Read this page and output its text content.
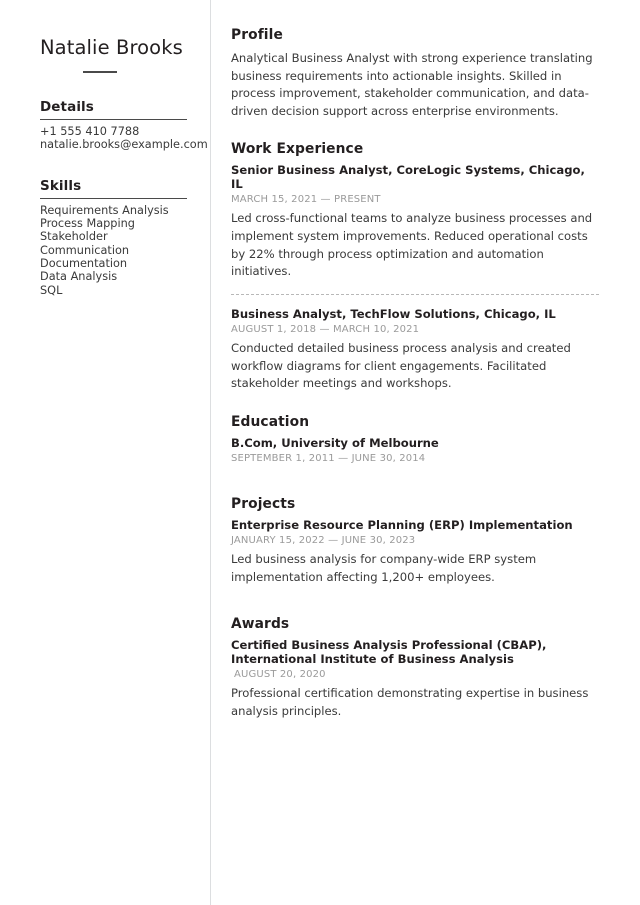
Natalie Brooks
Details
+1 555 410 7788
natalie.brooks@example.com
Skills
Requirements Analysis
Process Mapping
Stakeholder
Communication
Documentation
Data Analysis
SQL
Profile

Analytical Business Analyst with strong experience translating business requirements into actionable insights. Skilled in process improvement, stakeholder communication, and data-driven decision support across enterprise environments.

Work Experience
Senior Business Analyst, CoreLogic Systems, Chicago, IL
MARCH 15, 2021 — PRESENT

Led cross-functional teams to analyze business processes and implement system improvements. Reduced operational costs by 22% through process optimization and automation initiatives.

Business Analyst, TechFlow Solutions, Chicago, IL
AUGUST 1, 2018 — MARCH 10, 2021

Conducted detailed business process analysis and created workflow diagrams for client engagements. Facilitated stakeholder meetings and workshops.

Education
B.Com, University of Melbourne
SEPTEMBER 1, 2011 — JUNE 30, 2014
Projects
Enterprise Resource Planning (ERP) Implementation
JANUARY 15, 2022 — JUNE 30, 2023

Led business analysis for company-wide ERP system implementation affecting 1,200+ employees.

Awards
Certified Business Analysis Professional (CBAP), International Institute of Business Analysis
AUGUST 20, 2020

Professional certification demonstrating expertise in business analysis principles.
